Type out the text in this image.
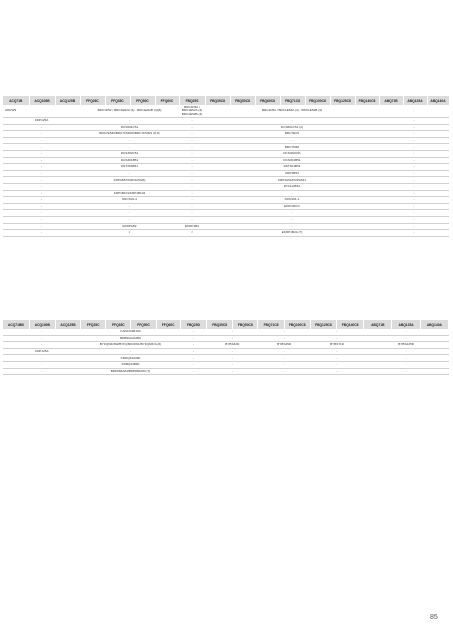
ACQ71B	ACQ108B	ACQ125B	FFQ26C	FFQ35C	FFQ50C	FFQ60C	FBQ25S	FBQ35C8	FBQ50C8	FBQ60C8	FBQ71C8	FBQ100C8	FBQ125C8	FBQ140C8	ABQ71B	ABQ125A	ABQ140A
ARCW9			BRC1D52 / BRC1E52A (4) - BRC1E52B (4)(8)				BRC1D52 / BRC1E52A (4) BRC1E52B (4)	BRC1D52 / BRC1E52A (4) - BRC1E52B (4)							-		
KDP125A			-				-	-							-		
-			DCS601C51				-	DCS601C51 (2)							-		
-			BRC7E530/BRC7F530W/BRC7F530S (8-9)				-	BRC7EC5							-		
-			-				-	-							-		
-			-				-	BRC7M62							-		
-			DCS302C51				-	DCS302C51							-		
-			DCS301B51				-	DCS301B51							-		
-			DST301B51				-	DST301B51							-		
-			-				-	KRP1B54							-		
-			KRP1B57/KRP4A53(6)				-	KRP4A51/KRP2A51							-		
-			-				-	DTA112B51							-		
-			KRP1B101/KRP1B102				-	-							-		
-			KRCS01-4				-	KRCS01-1							-		
-			-				-	EKRORCO							-		
-			-				-	-							-		
-			-				-	-							-		
-			EKRP1B2				EKRP1B2	-							-		
-			√				√	EKRP1B2A (7)							-		
ACQ71BB	ACQ100B	ACQ125B	FFQ25C	FFQ35C	FFQ50C	FFQ60C	FBQ25D	FBQ35C8	FBQ50C8	FBQ71C8	FBQ100C8	FBQ125C8	FBQ140C8	ABQ71B	ABQ125A	ABQ140A
-			KAF0441B160				-	-		-		-		-		
-			BDB90A4A050				-	-		-		-		-		
-			BYFQ60C6W/BYFQ60C6W1/BYFQ60C3-(6)				-	BYBS32D		BYBS45D		BYBS71D		BYBS125D		
KDP125A			-				-	-		-		-		-		
-			KDDQ44A060				-	-		-		-		-		
-			KDBQ44B60				-	-		-		-		-		
-			BRP068A84/BRP068A83 (7)				-	-		-		-		-		
85
